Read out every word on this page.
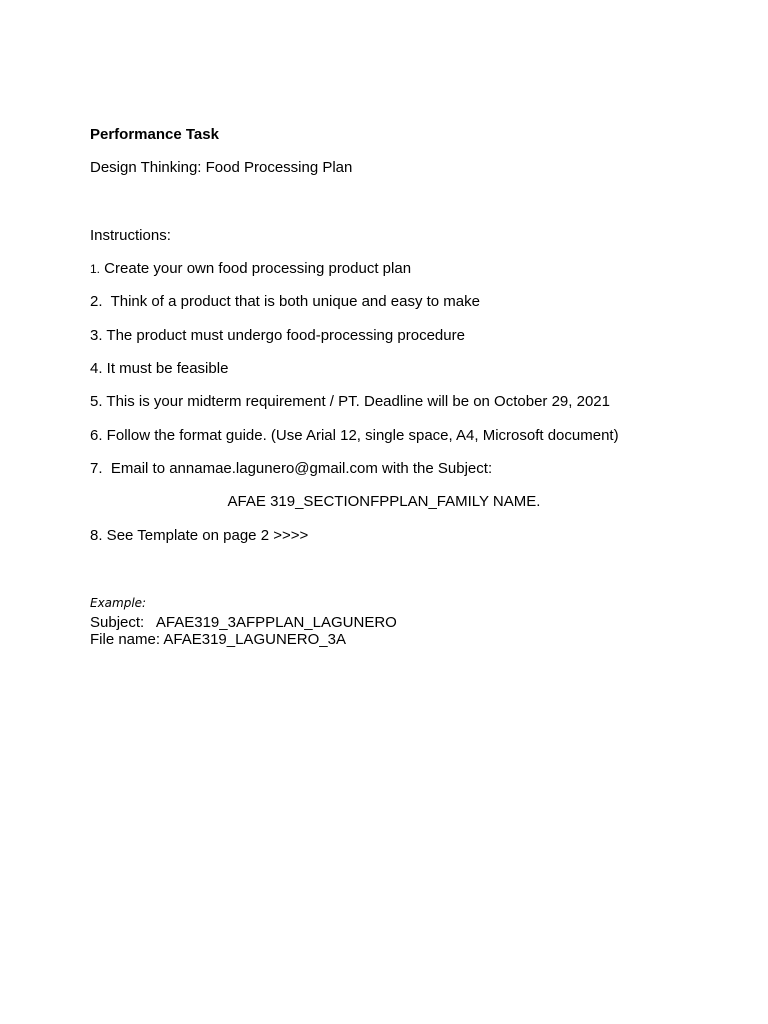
Performance Task
Design Thinking: Food Processing Plan
Instructions:
1. Create your own food processing product plan
2.  Think of a product that is both unique and easy to make
3. The product must undergo food-processing procedure
4. It must be feasible
5. This is your midterm requirement / PT. Deadline will be on October 29, 2021
6. Follow the format guide. (Use Arial 12, single space, A4, Microsoft document)
7.  Email to annamae.lagunero@gmail.com with the Subject:
AFAE 319_SECTIONFPPLAN_FAMILY NAME.
8. See Template on page 2 >>>>
Example:
Subject: AFAE319_3AFPPLAN_LAGUNERO
File name: AFAE319_LAGUNERO_3A
